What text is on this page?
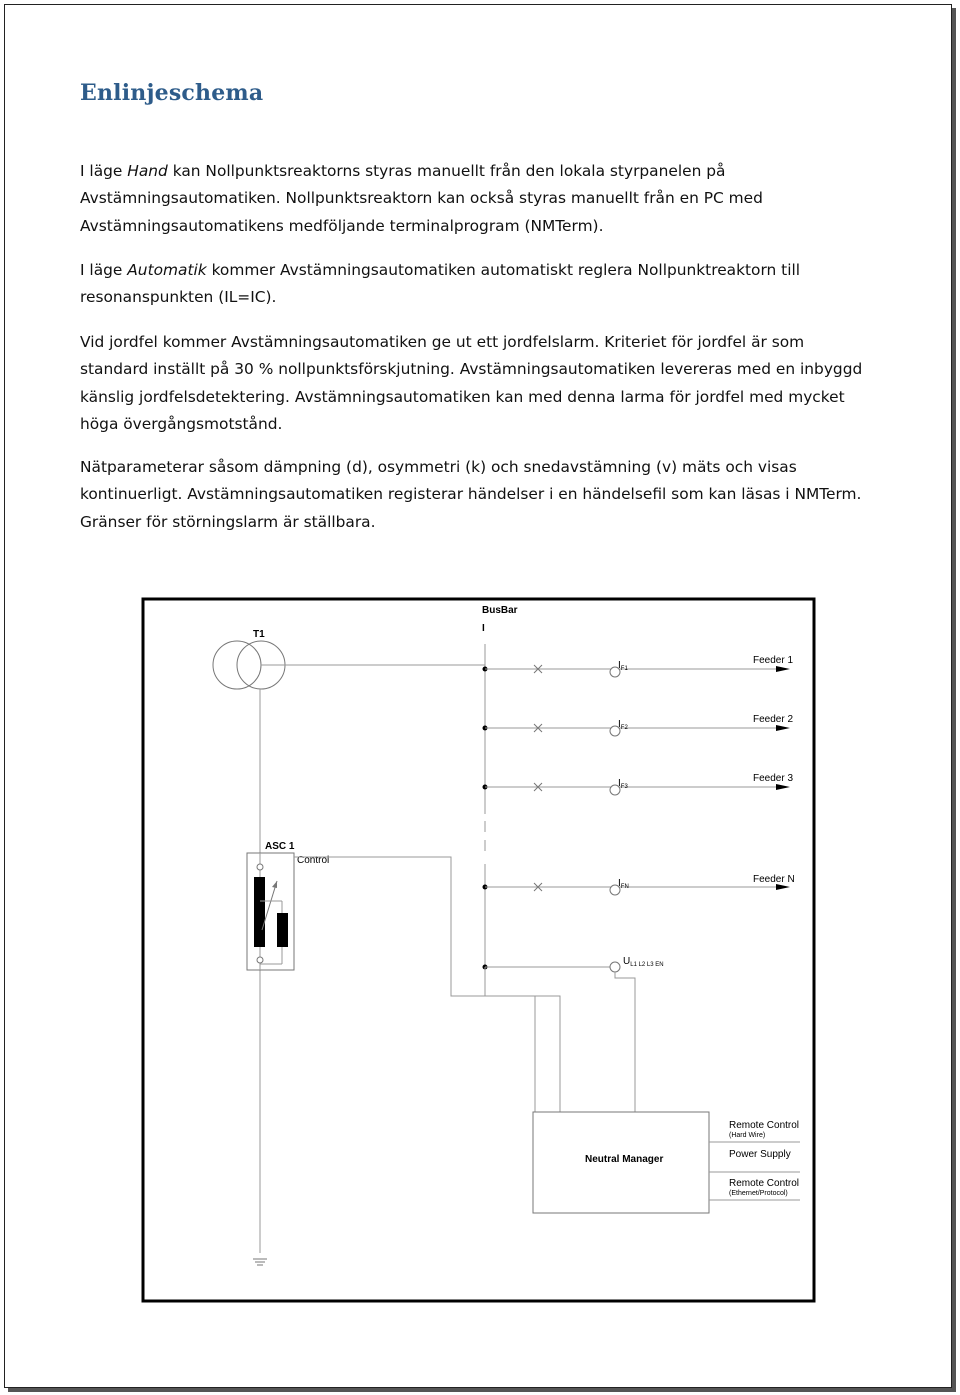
Enlinjeschema

I läge Hand kan Nollpunktsreaktorns styras manuellt från den lokala styrpanelen på Avstämningsautomatiken. Nollpunktsreaktorn kan också styras manuellt från en PC med Avstämningsautomatikens medföljande terminalprogram (NMTerm).

I läge Automatik kommer Avstämningsautomatiken automatiskt reglera Nollpunktreaktorn till resonanspunkten (IL=IC).

Vid jordfel kommer Avstämningsautomatiken ge ut ett jordfelslarm. Kriteriet för jordfel är som standard inställt på 30 % nollpunktsförskjutning. Avstämningsautomatiken levereras med en inbyggd känslig jordfelsdetektering. Avstämningsautomatiken kan med denna larma för jordfel med mycket höga övergångsmotstånd.

Nätparameterar såsom dämpning (d), osymmetri (k) och snedavstämning (v) mäts och visas kontinuerligt. Avstämningsautomatiken registerar händelser i en händelsefil som kan läsas i NMTerm. Gränser för störningslarm är ställbara.

BusBar
I
T1
$I_{F1}$
Feeder 1
$I_{F2}$
Feeder 2
$I_{F3}$
Feeder 3
$I_{FN}$
Feeder N
$U_{L1 L2 L3 EN}$
ASC 1
Control
Neutral Manager
Remote Control
(Hard Wire)
Power Supply
Remote Control
(Ethernet/Protocol)
